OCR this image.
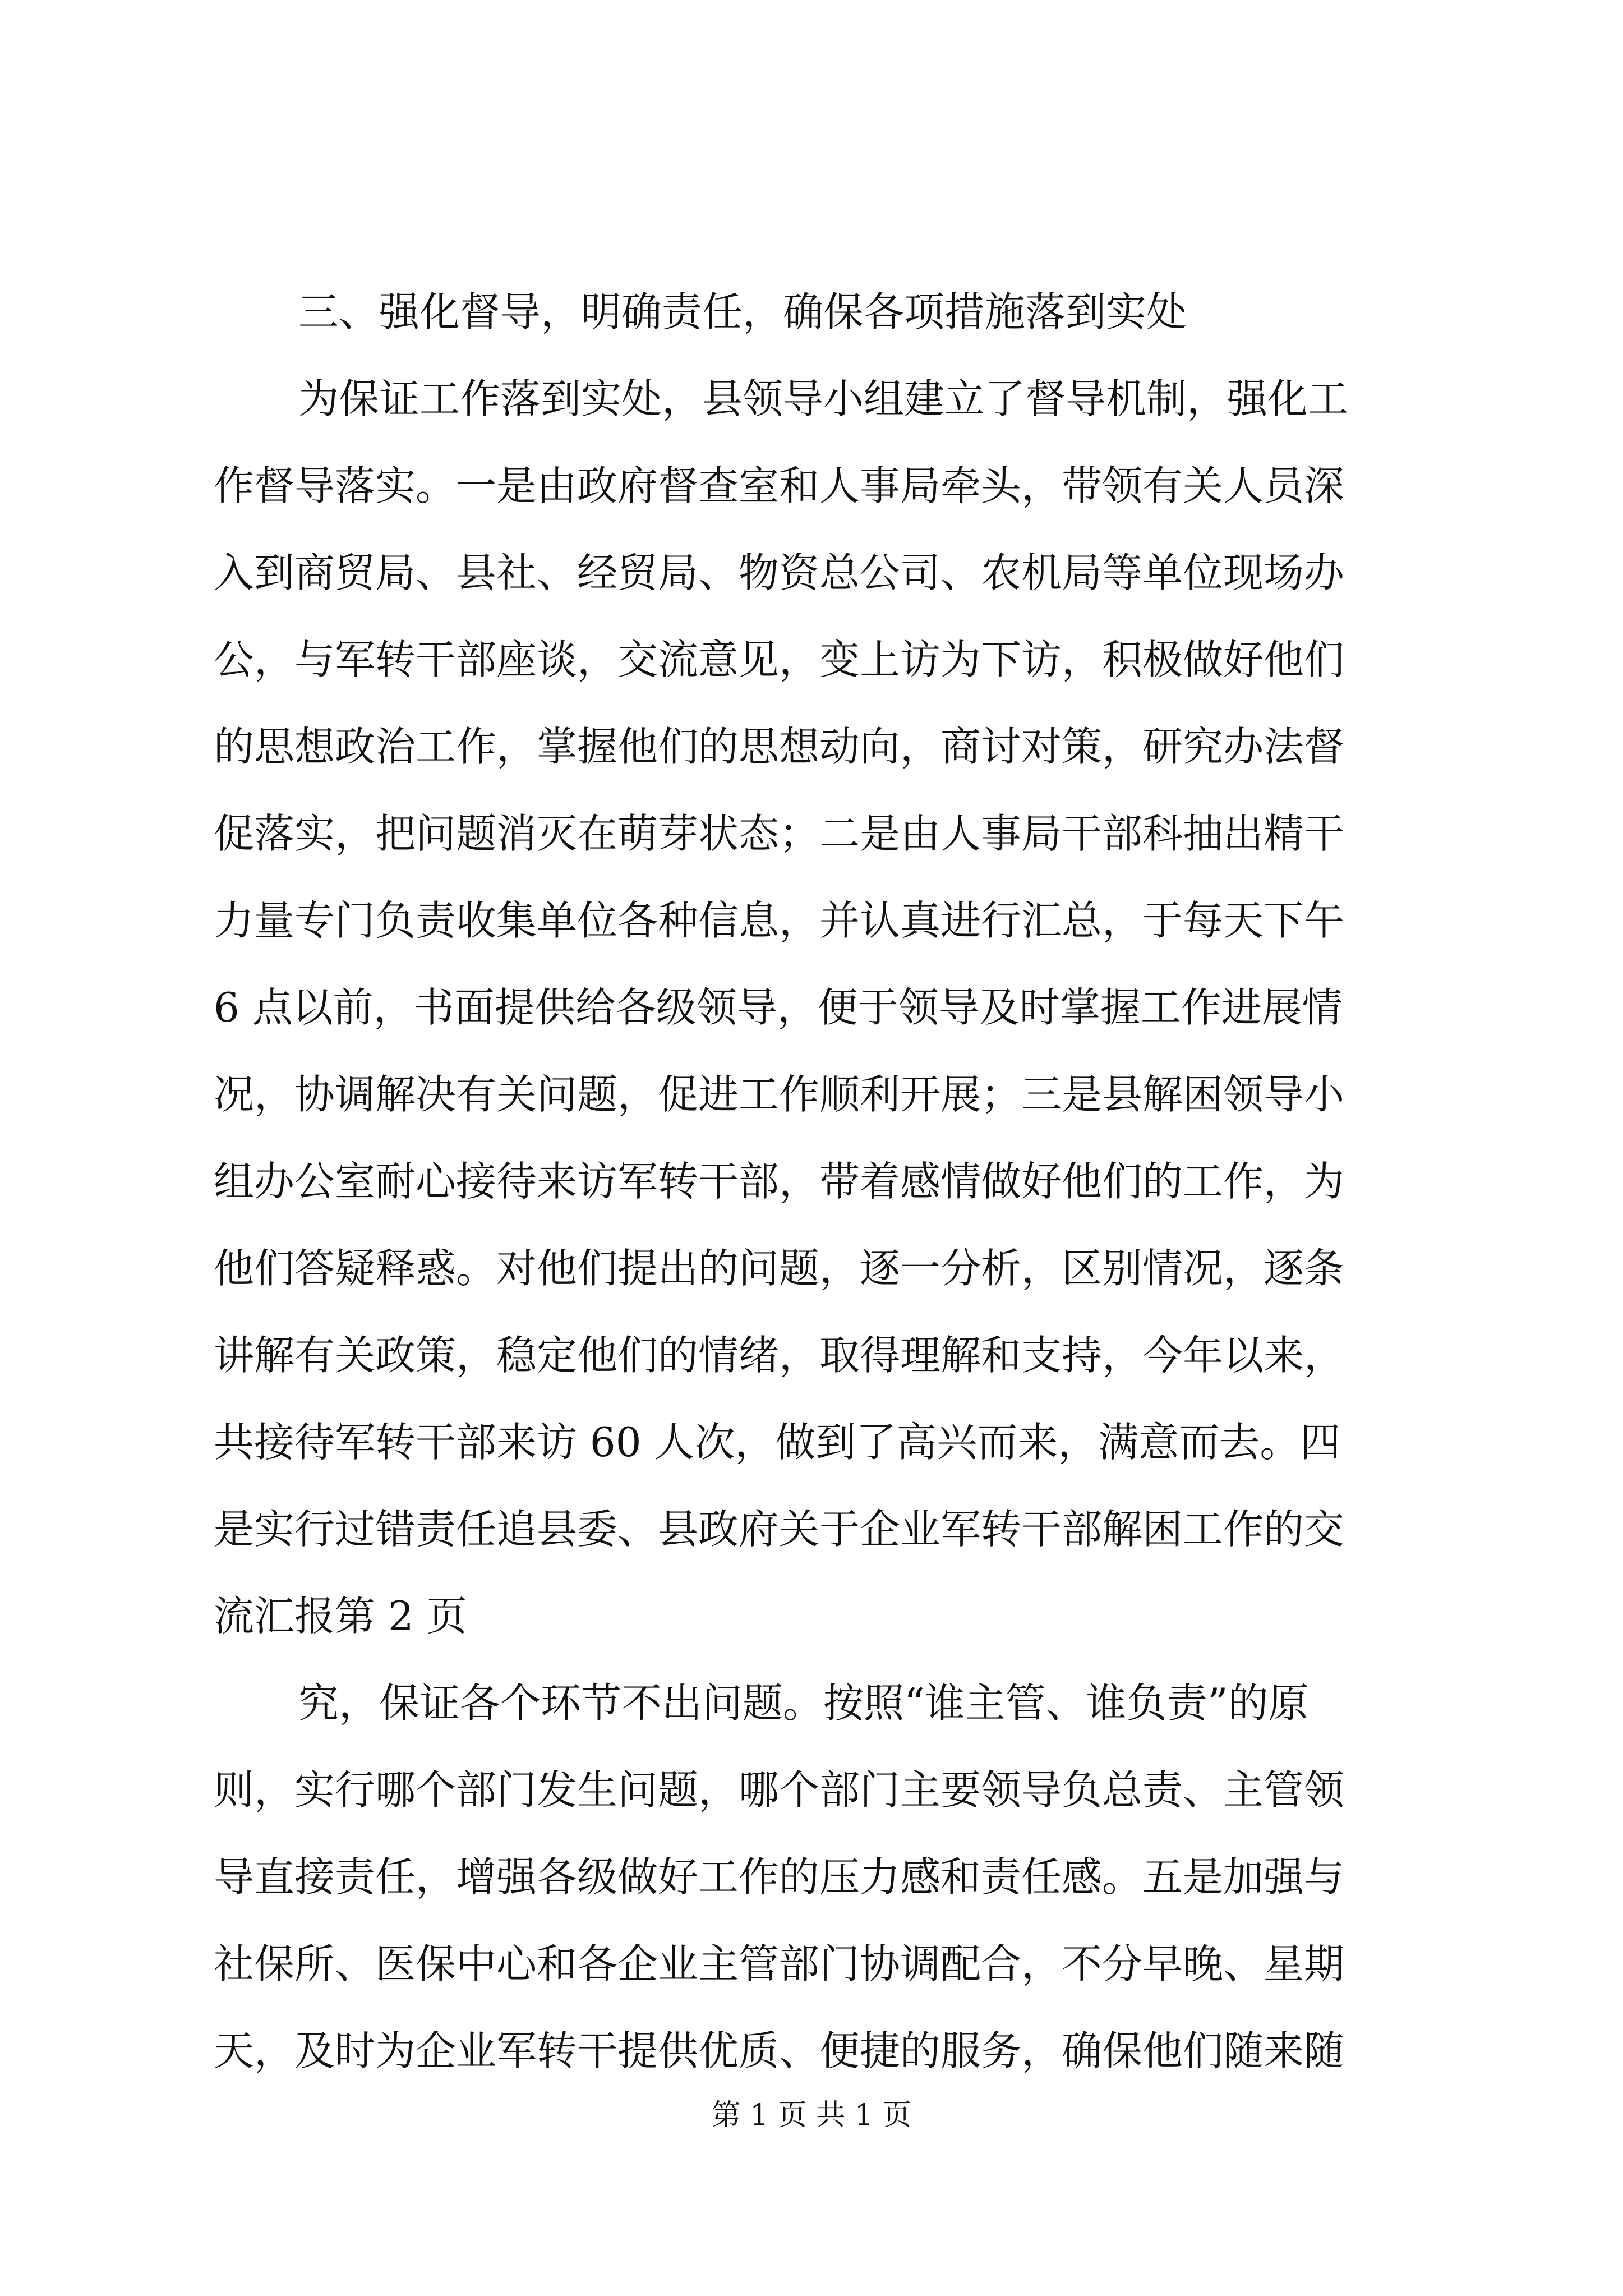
三、强化督导，明确责任，确保各项措施落到实处
为保证工作落到实处，县领导小组建立了督导机制，强化工
作督导落实。一是由政府督查室和人事局牵头，带领有关人员深
入到商贸局、县社、经贸局、物资总公司、农机局等单位现场办
公，与军转干部座谈，交流意见，变上访为下访，积极做好他们
的思想政治工作，掌握他们的思想动向，商讨对策，研究办法督
促落实，把问题消灭在萌芽状态；二是由人事局干部科抽出精干
力量专门负责收集单位各种信息，并认真进行汇总，于每天下午
6 点以前，书面提供给各级领导，便于领导及时掌握工作进展情
况，协调解决有关问题，促进工作顺利开展；三是县解困领导小
组办公室耐心接待来访军转干部，带着感情做好他们的工作，为
他们答疑释惑。对他们提出的问题，逐一分析，区别情况，逐条
讲解有关政策，稳定他们的情绪，取得理解和支持，今年以来，
共接待军转干部来访 60 人次，做到了高兴而来，满意而去。四
是实行过错责任追县委、县政府关于企业军转干部解困工作的交
流汇报第 2 页
究，保证各个环节不出问题。按照“谁主管、谁负责”的原
则，实行哪个部门发生问题，哪个部门主要领导负总责、主管领
导直接责任，增强各级做好工作的压力感和责任感。五是加强与
社保所、医保中心和各企业主管部门协调配合，不分早晚、星期
天，及时为企业军转干提供优质、便捷的服务，确保他们随来随
第 1 页 共 1 页
